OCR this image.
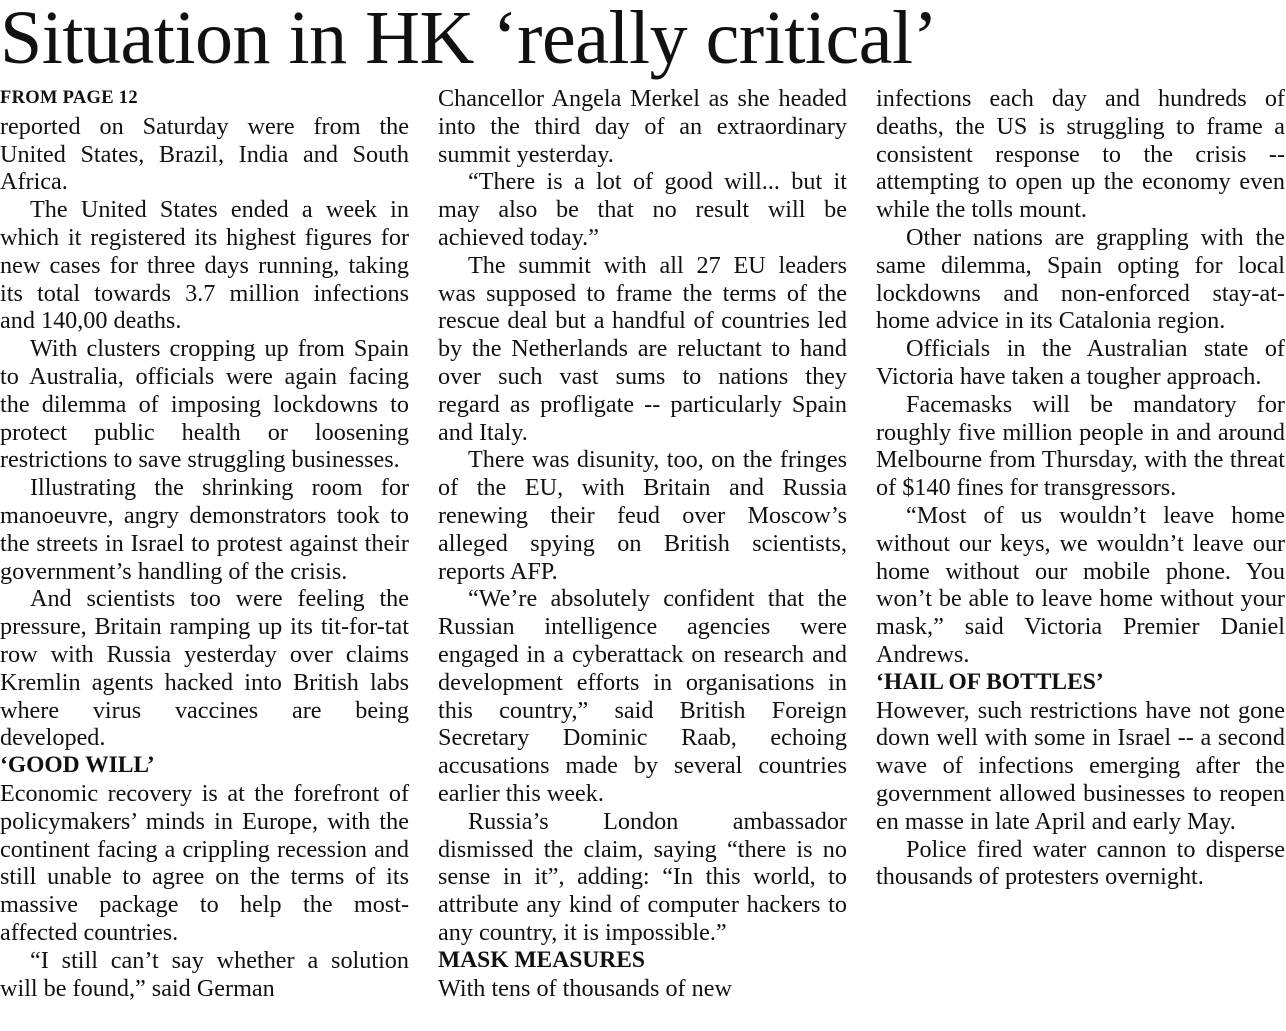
Situation in HK ‘really critical’
FROM PAGE 12

reported on Saturday were from the United States, Brazil, India and South Africa.

The United States ended a week in which it registered its highest figures for new cases for three days running, taking its total towards 3.7 million infections and 140,00 deaths.

With clusters cropping up from Spain to Australia, officials were again facing the dilemma of imposing lockdowns to protect public health or loosening restrictions to save struggling businesses.

Illustrating the shrinking room for manoeuvre, angry demonstrators took to the streets in Israel to protest against their government’s handling of the crisis.

And scientists too were feeling the pressure, Britain ramping up its tit-for-tat row with Russia yesterday over claims Kremlin agents hacked into British labs where virus vaccines are being developed.

‘GOOD WILL’

Economic recovery is at the forefront of policymakers’ minds in Europe, with the continent facing a crippling recession and still unable to agree on the terms of its massive package to help the most-affected countries.

“I still can’t say whether a solution will be found,” said German

Chancellor Angela Merkel as she headed into the third day of an extraordinary summit yesterday.

“There is a lot of good will... but it may also be that no result will be achieved today.”

The summit with all 27 EU leaders was supposed to frame the terms of the rescue deal but a handful of countries led by the Netherlands are reluctant to hand over such vast sums to nations they regard as profligate -- particularly Spain and Italy.

There was disunity, too, on the fringes of the EU, with Britain and Russia renewing their feud over Moscow’s alleged spying on British scientists, reports AFP.

“We’re absolutely confident that the Russian intelligence agencies were engaged in a cyberattack on research and development efforts in organisations in this country,” said British Foreign Secretary Dominic Raab, echoing accusations made by several countries earlier this week.

Russia’s London ambassador dismissed the claim, saying “there is no sense in it”, adding: “In this world, to attribute any kind of computer hackers to any country, it is impossible.”

MASK MEASURES

With tens of thousands of new

infections each day and hundreds of deaths, the US is struggling to frame a consistent response to the crisis -- attempting to open up the economy even while the tolls mount.

Other nations are grappling with the same dilemma, Spain opting for local lockdowns and non-enforced stay-at-home advice in its Catalonia region.

Officials in the Australian state of Victoria have taken a tougher approach.

Facemasks will be mandatory for roughly five million people in and around Melbourne from Thursday, with the threat of $140 fines for transgressors.

“Most of us wouldn’t leave home without our keys, we wouldn’t leave our home without our mobile phone. You won’t be able to leave home without your mask,” said Victoria Premier Daniel Andrews.

‘HAIL OF BOTTLES’

However, such restrictions have not gone down well with some in Israel -- a second wave of infections emerging after the government allowed businesses to reopen en masse in late April and early May.

Police fired water cannon to disperse thousands of protesters overnight.
